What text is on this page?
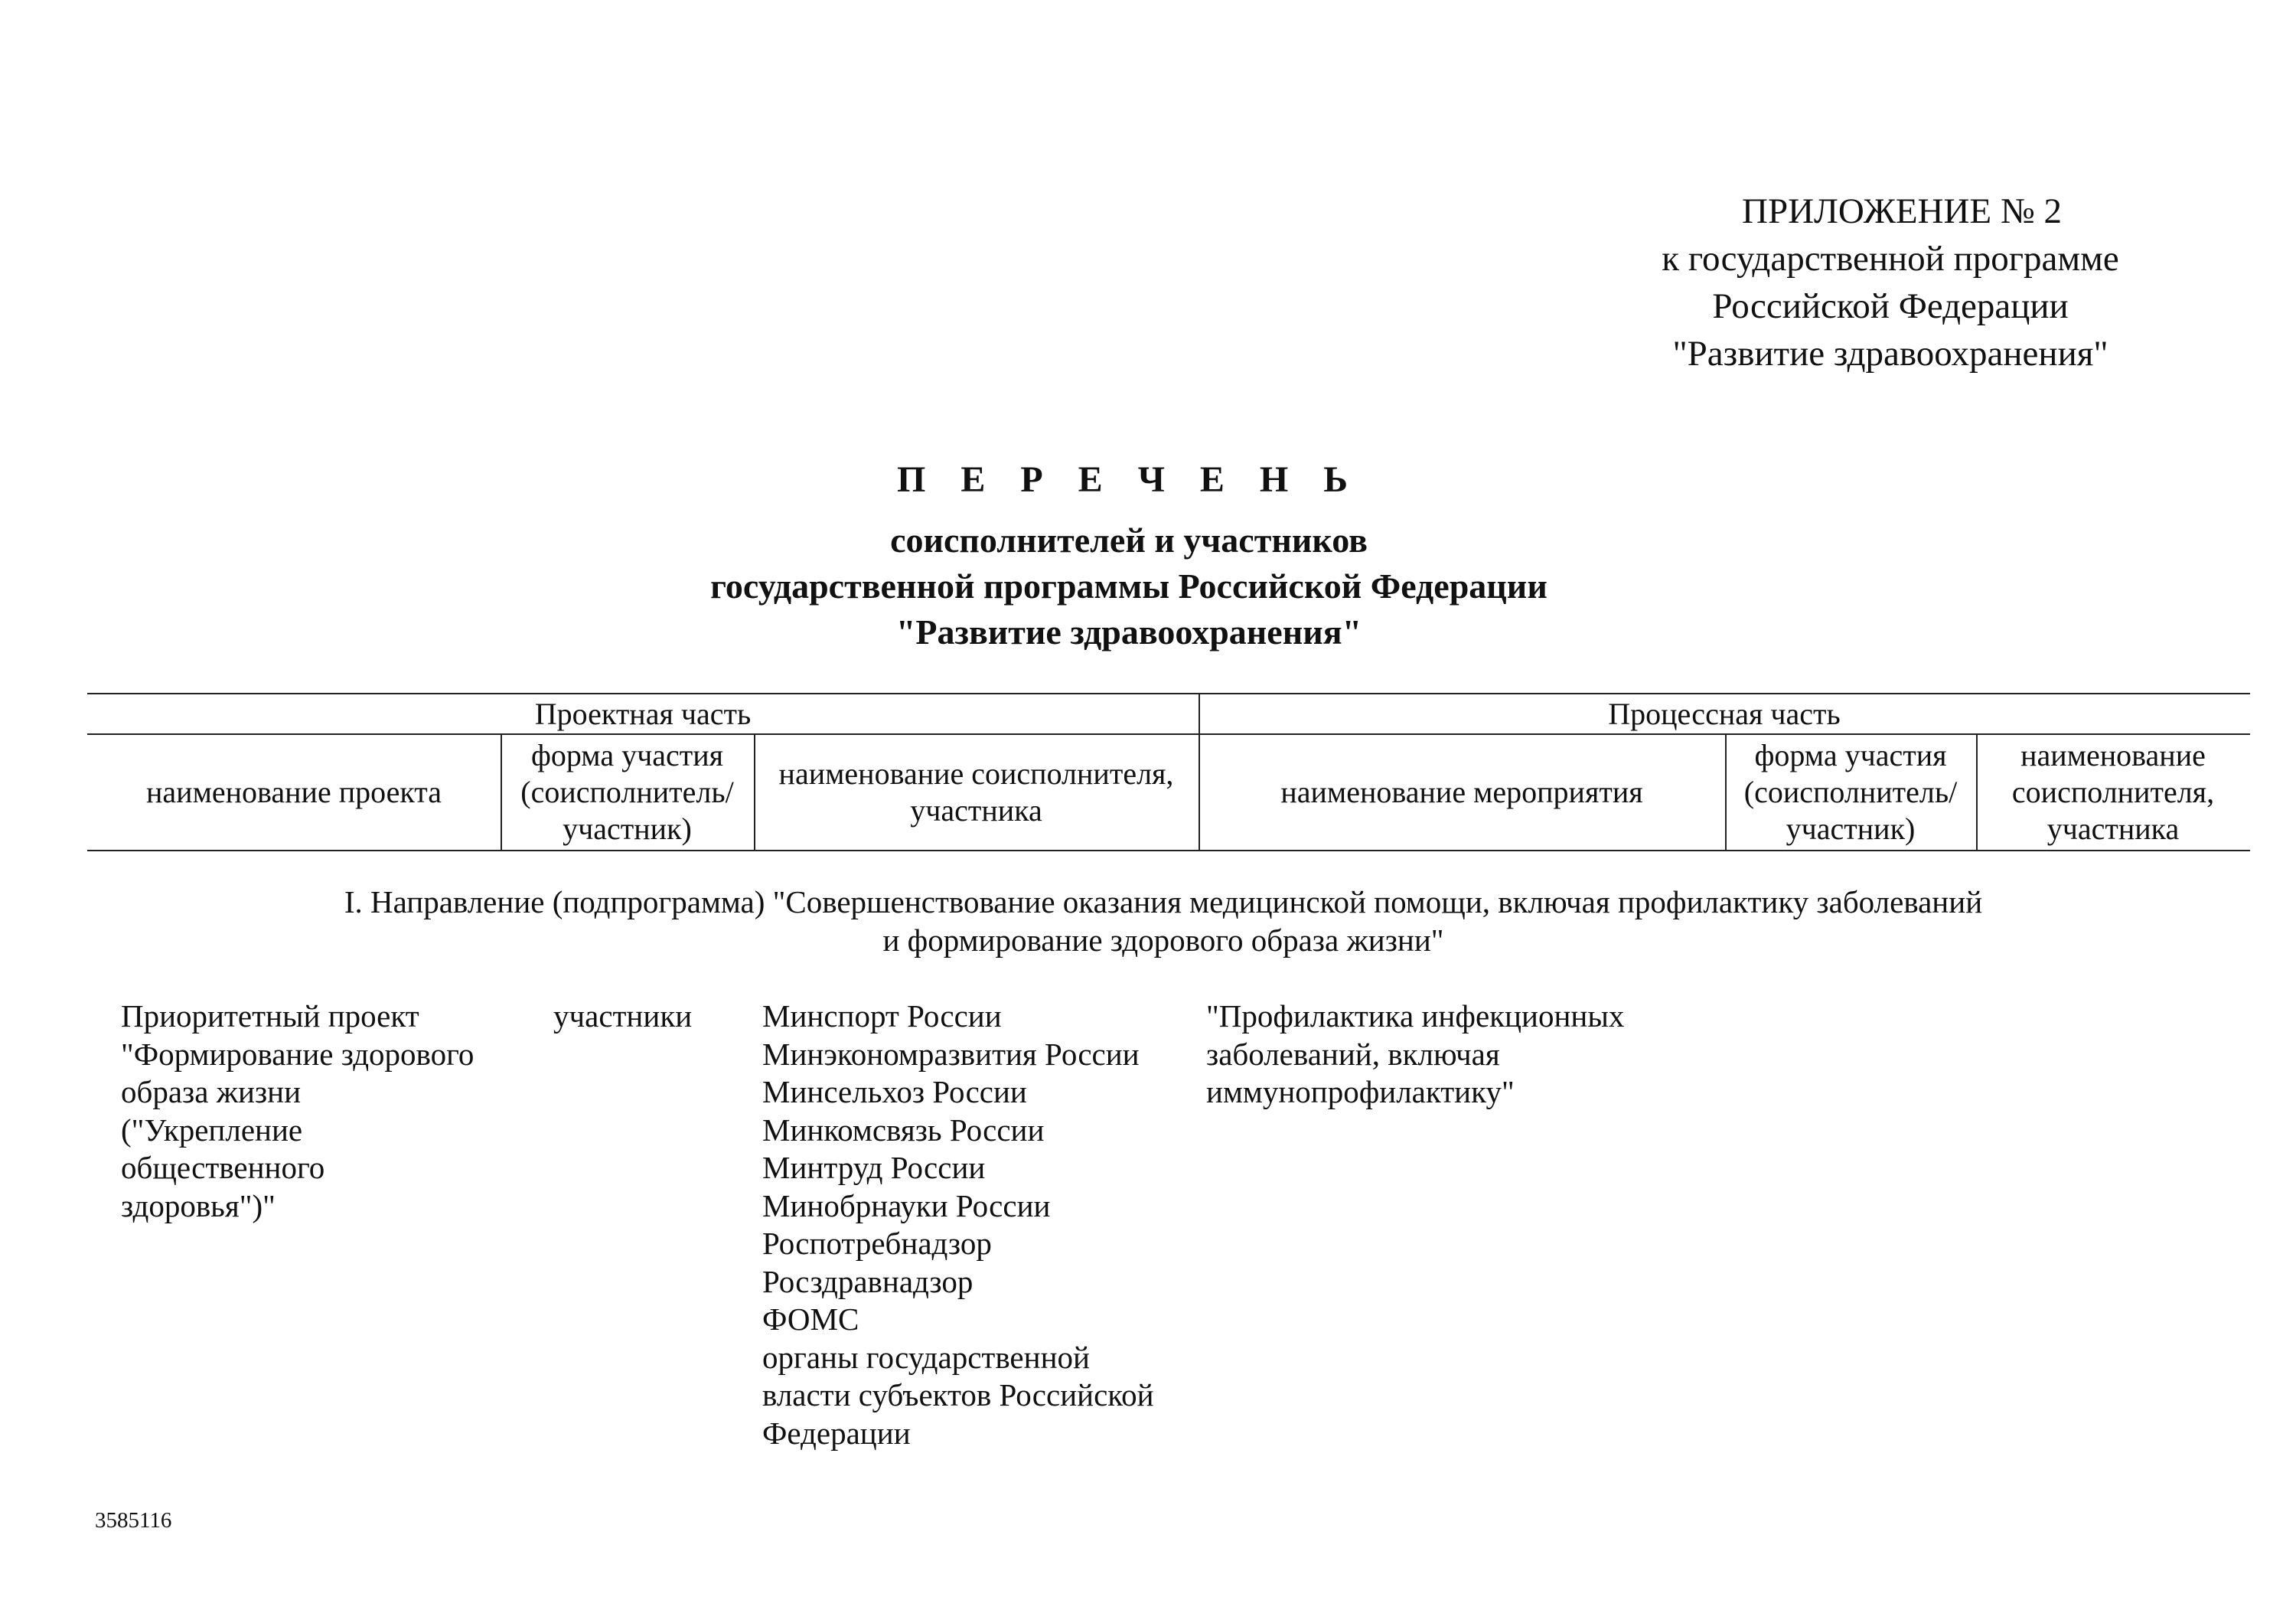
ПРИЛОЖЕНИЕ № 2
к государственной программе
Российской Федерации
"Развитие здравоохранения"
П Е Р Е Ч Е Н Ь
соисполнителей и участников
государственной программы Российской Федерации
"Развитие здравоохранения"
Проектная часть	Процессная часть
наименование проекта
форма участия (соисполнитель/ участник)
наименование соисполнителя, участника
наименование мероприятия
форма участия (соисполнитель/ участник)
наименование соисполнителя, участника
I. Направление (подпрограмма) "Совершенствование оказания медицинской помощи, включая профилактику заболеваний
и формирование здорового образа жизни"
Приоритетный проект
"Формирование здорового
образа жизни
("Укрепление
общественного
здоровья")"
участники Минспорт России
Минэкономразвития России
Минсельхоз России
Минкомсвязь России
Минтруд России
Минобрнауки России
Роспотребнадзор
Росздравнадзор
ФОМС
органы государственной
власти субъектов Российской
Федерации
"Профилактика инфекционных
заболеваний, включая
иммунопрофилактику"
3585116
